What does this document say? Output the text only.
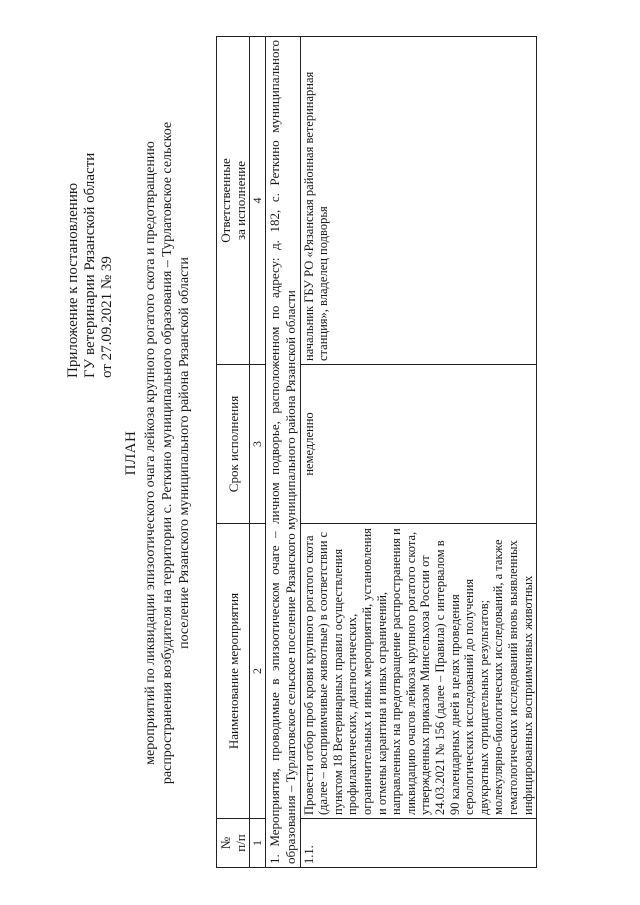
Приложение к постановлению ГУ ветеринарии Рязанской области от 27.09.2021 № 39
ПЛАН мероприятий по ликвидации эпизоотического очага лейкоза крупного рогатого скота и предотвращению распространения возбудителя на территории с. Реткино муниципального образования – Турлатовское сельское поселение Рязанского муниципального района Рязанской области
№
п/п	Наименование мероприятия	Срок исполнения	Ответственные
за исполнение
1	2	3	4
1. Мероприятия, проводимые в эпизоотическом очаге – личном подворье, расположенном по адресу: д. 182, с. Реткино муниципального образования – Турлатовское сельское поселение Рязанского муниципального района Рязанской области			
1.1.	Провести отбор проб крови крупного рогатого скота (далее – восприимчивые животные) в соответствии с пунктом 18 Ветеринарных правил осуществления профилактических, диагностических, ограничительных и иных мероприятий, установления и отмены карантина и иных ограничений, направленных на предотвращение распространения и ликвидацию очагов лейкоза крупного рогатого скота, утвержденных приказом Минсельхоза России от 24.03.2021 № 156 (далее – Правила) с интервалом в 90 календарных дней в целях проведения серологических исследований до получения двукратных отрицательных результатов; молекулярно-биологических исследований, а также гематологических исследований вновь выявленных инфицированных восприимчивых животных	немедленно	начальник ГБУ РО «Рязанская районная ветеринарная станция», владелец подворья
